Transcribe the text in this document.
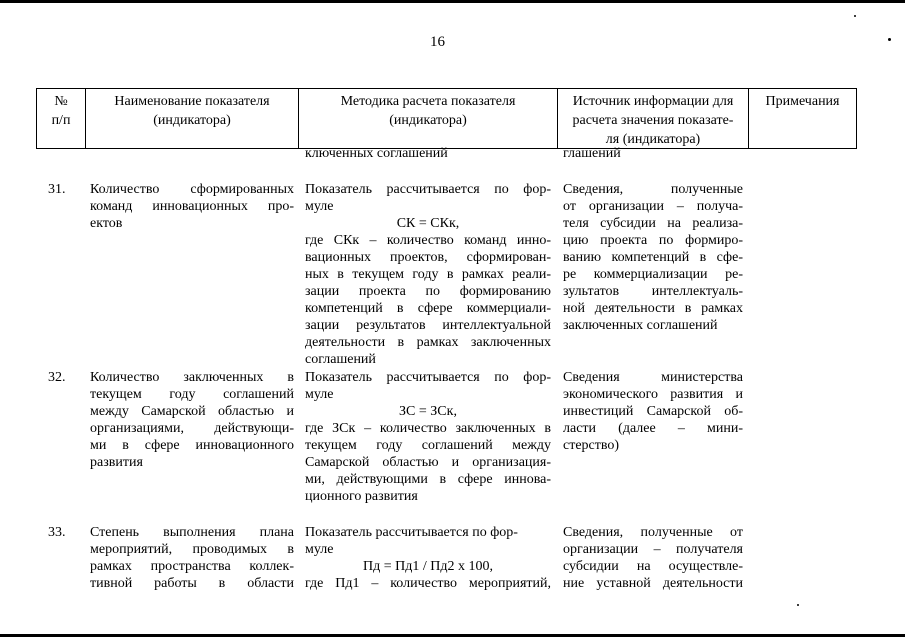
16
№
п/п
Наименование показателя
(индикатора)
Методика расчета показателя
(индикатора)
Источник информации для
расчета значения показате-
ля (индикатора)
Примечания
ключенных соглашений	глашений
31. Количество сформированных
команд инновационных про-
ектов
Показатель рассчитывается по фор-
муле
СК = СКк,
где СКк – количество команд инно-
вационных проектов, сформирован-
ных в текущем году в рамках реали-
зации проекта по формированию
компетенций в сфере коммерциали-
зации результатов интеллектуальной
деятельности в рамках заключенных
соглашений
Сведения, полученные
от организации – получа-
теля субсидии на реализа-
цию проекта по формиро-
ванию компетенций в сфе-
ре коммерциализации ре-
зультатов интеллектуаль-
ной деятельности в рамках
заключенных соглашений
32. Количество заключенных в
текущем году соглашений
между Самарской областью и
организациями, действующи-
ми в сфере инновационного
развития
Показатель рассчитывается по фор-
муле
ЗС = ЗСк,
где ЗСк – количество заключенных в
текущем году соглашений между
Самарской областью и организация-
ми, действующими в сфере иннова-
ционного развития
Сведения министерства
экономического развития и
инвестиций Самарской об-
ласти (далее – мини-
стерство)
33. Степень выполнения плана
мероприятий, проводимых в
рамках пространства коллек-
тивной работы в области
Показатель рассчитывается по фор-
муле
Пд = Пд1 / Пд2 х 100,
где Пд1 – количество мероприятий,
Сведения, полученные от
организации – получателя
субсидии на осуществле-
ние уставной деятельности
